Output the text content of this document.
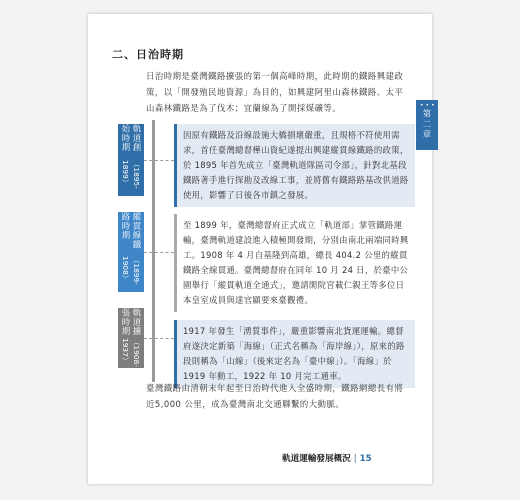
二、日治時期

日治時期是臺灣鐵路擴張的第一個高峰時期，此時期的鐵路興建政策，以「開發殖民地資源」為目的，如興建阿里山森林鐵路、太平山森林鐵路是為了伐木；宜蘭線為了開採煤礦等。

軌道創始時期
（1895-1899）

因原有鐵路及沿線設施大橋損壞嚴重，且規格不符使用需求，首任臺灣總督樺山資紀遂提出興建縱貫線鐵路的政策，於 1895 年首先成立「臺灣軌道隊區司令部」，針對北基段鐵路著手進行探勘及改線工事，並將舊有鐵路路基改供道路使用，影響了日後各市鎮之發展。

縱貫線鐵路時期
（1899-1908）

至 1899 年，臺灣總督府正式成立「軌道部」掌管鐵路運輸，臺灣軌道建設進入積極開發期，分別由南北兩端同時興工。1908 年 4 月自基隆到高雄，總長 404.2 公里的縱貫鐵路全線貫通。臺灣總督府在同年 10 月 24 日，於臺中公園舉行「縱貫軌道全通式」，邀請閑院宮載仁親王等多位日本皇室成員與達官顯要來臺觀禮。

軌道擴張時期
（1908-1937）

1917 年發生「湧質事件」，嚴重影響南北貨運運輸。總督府遂決定新築「海線」（正式名稱為「海岸線」），原來的路段則稱為「山線」（後來定名為「臺中線」）。「海線」於 1919 年動工，1922 年 10 月完工通車。

臺灣鐵路由清朝末年起至日治時代進入全盛時期，鐵路網總長有將近5,000 公里，成為臺灣南北交通聯繫的大動脈。

•••
第二章
軌道運輸發展概況 | 15
